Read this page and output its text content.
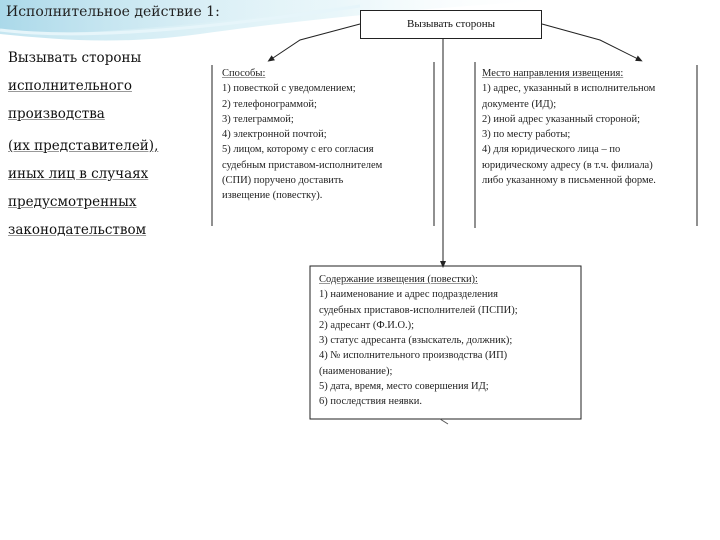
Исполнительное действие 1:
Вызывать стороны
исполнительного
производства
(их представителей),
иных лиц в случаях
предусмотренных
законодательством
Вызывать стороны
Способы:
1) повесткой с уведомлением;
2) телефонограммой;
3) телеграммой;
4) электронной почтой;
5) лицом, которому с его согласия
судебным приставом-исполнителем
(СПИ) поручено доставить
извещение (повестку).
Место направления извещения:
1) адрес, указанный в исполнительном
документе (ИД);
2) иной адрес указанный стороной;
3) по месту работы;
4) для юридического лица – по
юридическому адресу (в т.ч. филиала)
либо указанному в письменной форме.
Содержание извещения (повестки):
1) наименование и адрес подразделения
судебных приставов-исполнителей (ПСПИ);
2) адресант (Ф.И.О.);
3) статус адресанта (взыскатель, должник);
4) № исполнительного производства (ИП)
(наименование);
5) дата, время, место совершения ИД;
6) последствия неявки.
